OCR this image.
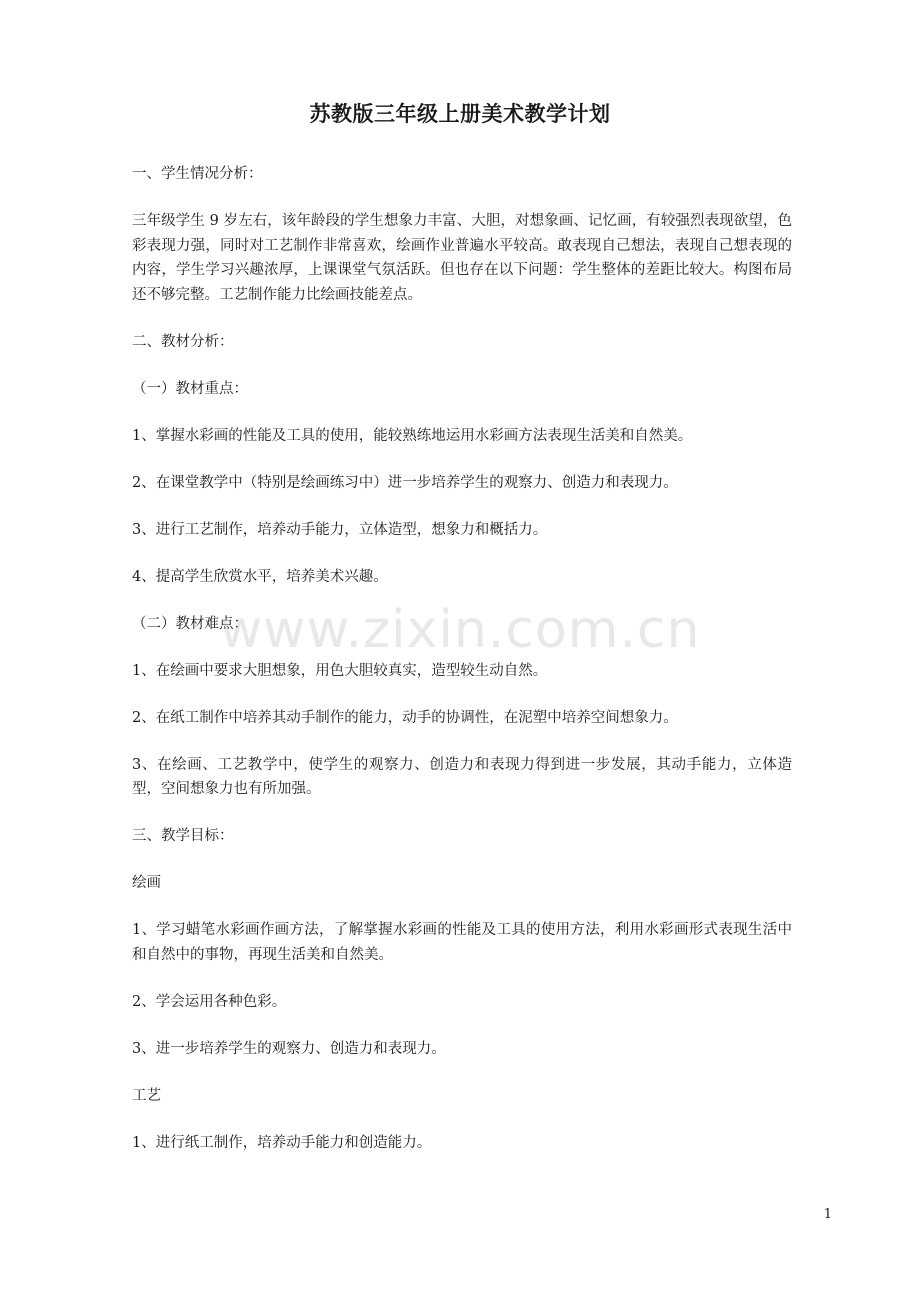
苏教版三年级上册美术教学计划

一、学生情况分析：

三年级学生 9 岁左右，该年龄段的学生想象力丰富、大胆，对想象画、记忆画，有较强烈表现欲望，色彩表现力强，同时对工艺制作非常喜欢，绘画作业普遍水平较高。敢表现自己想法，表现自己想表现的内容，学生学习兴趣浓厚，上课课堂气氛活跃。但也存在以下问题：学生整体的差距比较大。构图布局还不够完整。工艺制作能力比绘画技能差点。

二、教材分析：

（一）教材重点：

1、掌握水彩画的性能及工具的使用，能较熟练地运用水彩画方法表现生活美和自然美。

2、在课堂教学中（特别是绘画练习中）进一步培养学生的观察力、创造力和表现力。

3、进行工艺制作，培养动手能力，立体造型，想象力和概括力。

4、提高学生欣赏水平，培养美术兴趣。

（二）教材难点：

1、在绘画中要求大胆想象，用色大胆较真实，造型较生动自然。

2、在纸工制作中培养其动手制作的能力，动手的协调性，在泥塑中培养空间想象力。

3、在绘画、工艺教学中，使学生的观察力、创造力和表现力得到进一步发展，其动手能力，立体造型，空间想象力也有所加强。

三、教学目标：

绘画

1、学习蜡笔水彩画作画方法，了解掌握水彩画的性能及工具的使用方法，利用水彩画形式表现生活中和自然中的事物，再现生活美和自然美。

2、学会运用各种色彩。

3、进一步培养学生的观察力、创造力和表现力。

工艺

1、进行纸工制作，培养动手能力和创造能力。

www.zixin.com.cn
1
